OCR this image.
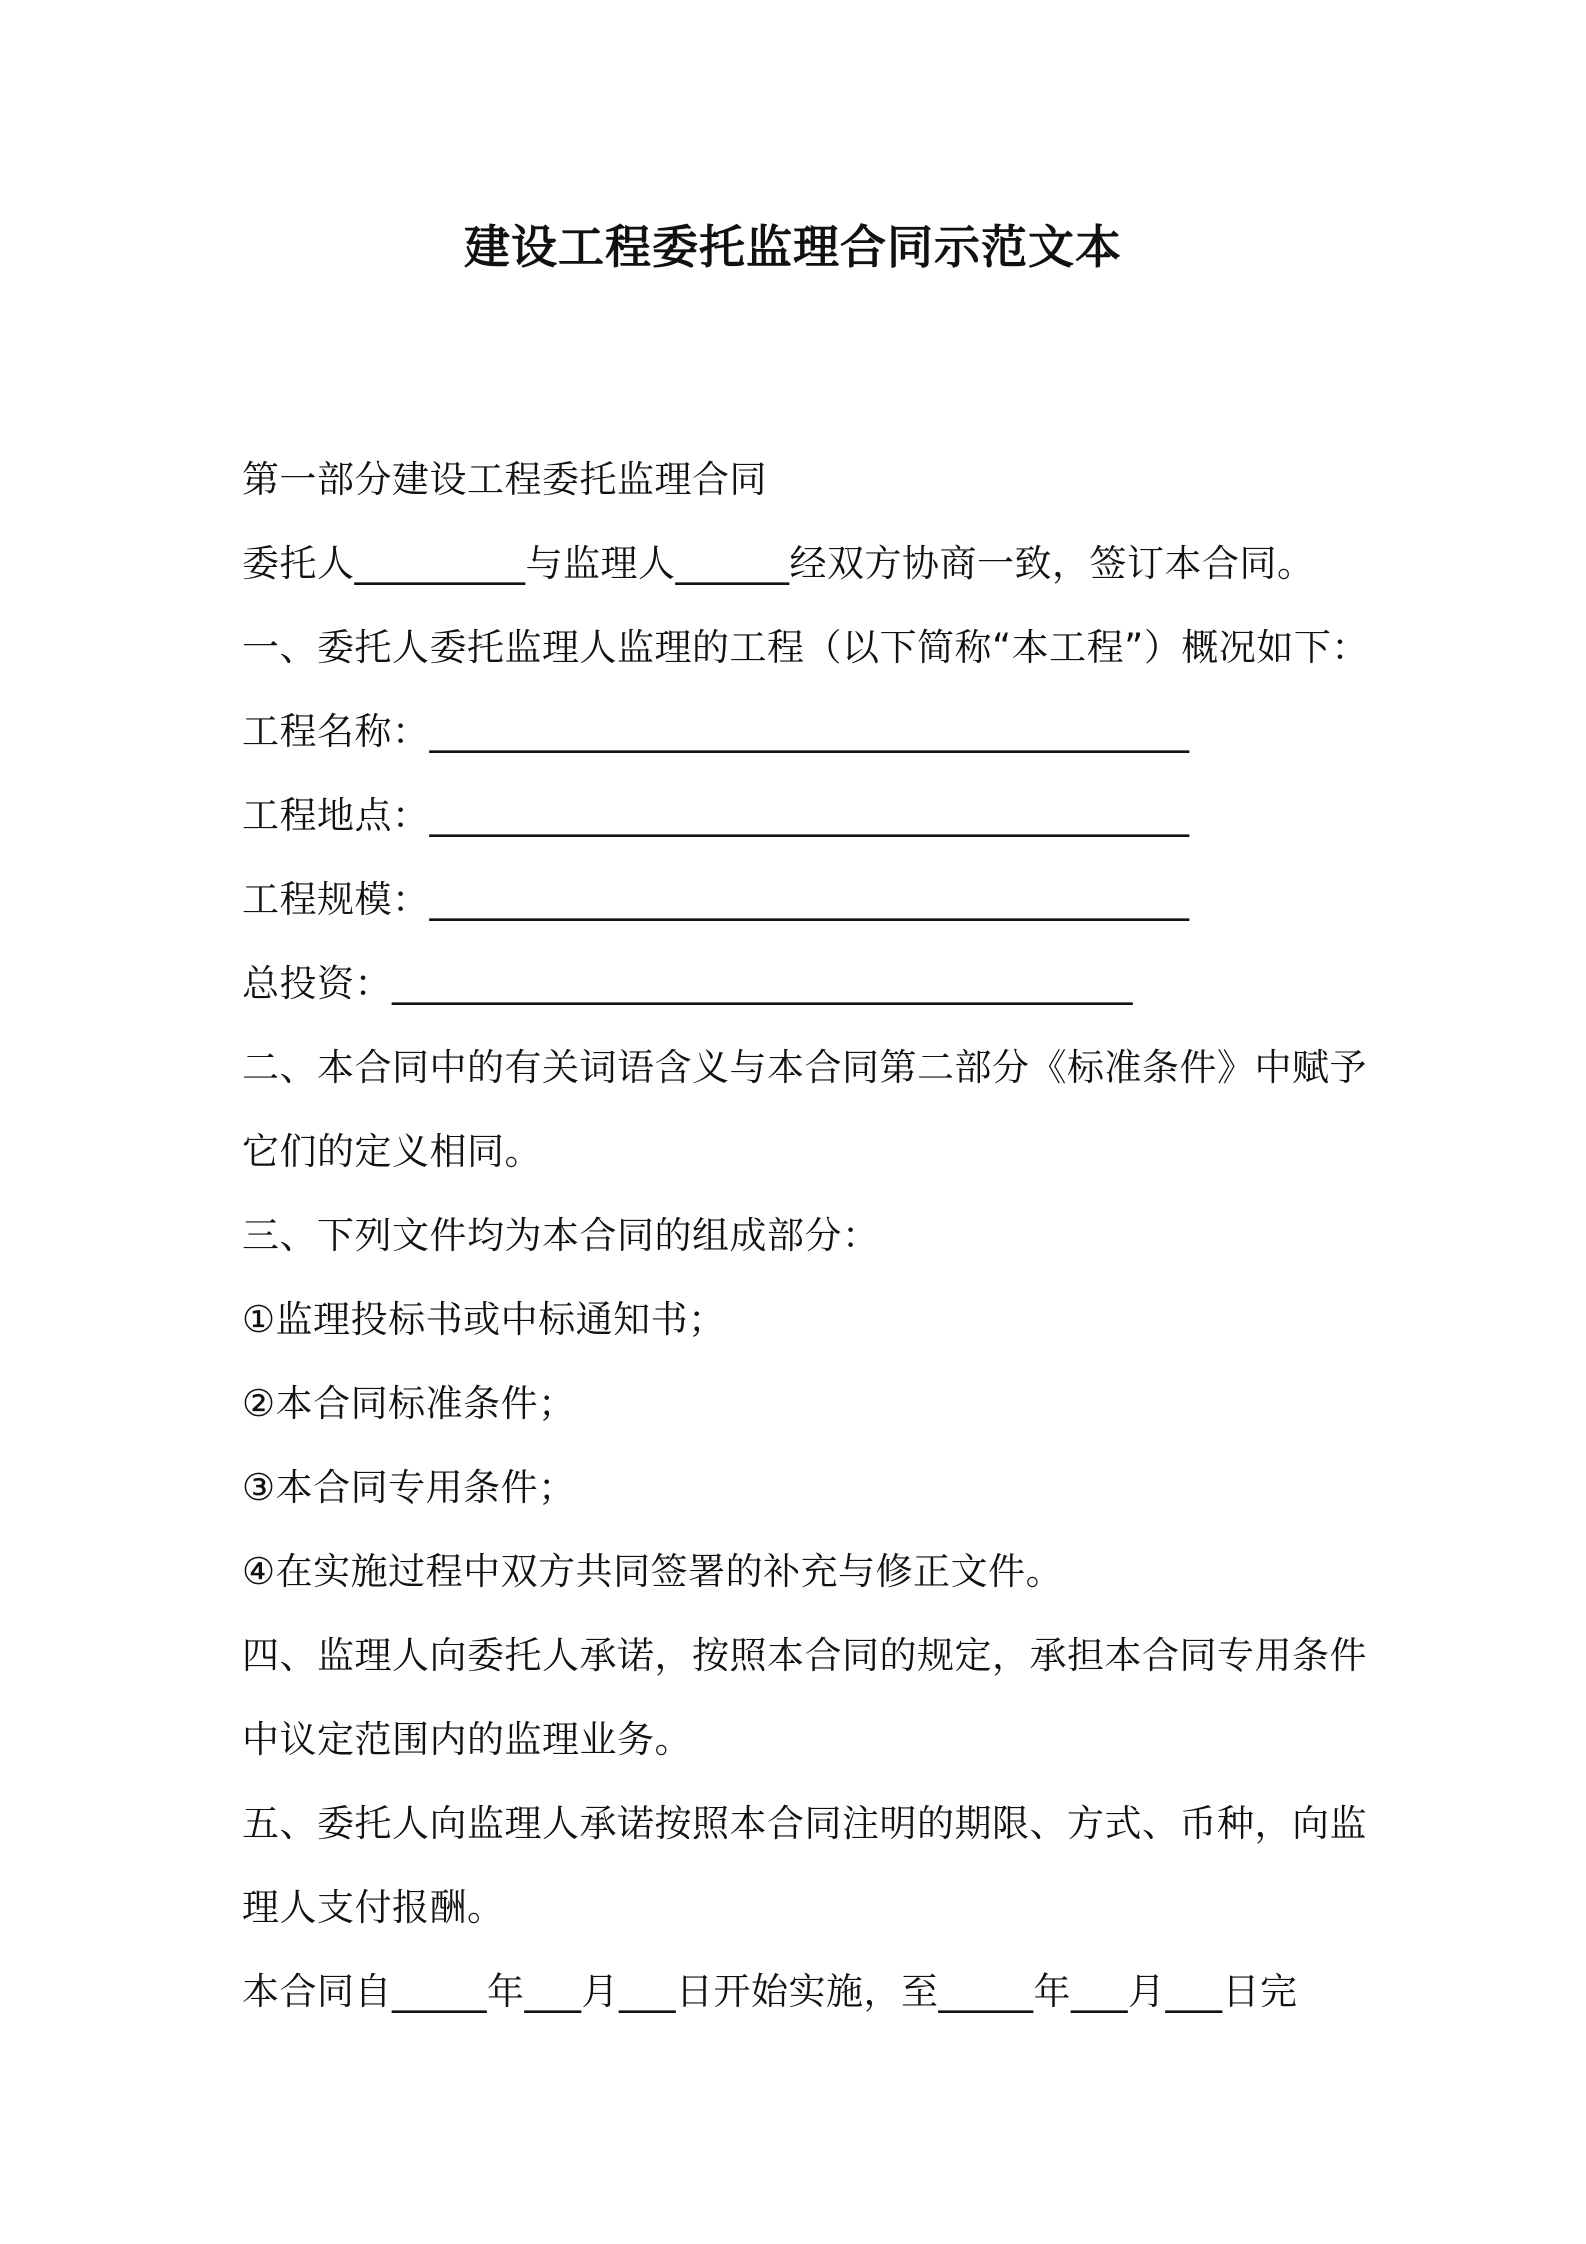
建设工程委托监理合同示范文本
第一部分建设工程委托监理合同
委托人_________与监理人______经双方协商一致，签订本合同。
一、委托人委托监理人监理的工程（以下简称“本工程”）概况如下：
工程名称：________________________________________
工程地点：________________________________________
工程规模：________________________________________
总投资：_______________________________________
二、本合同中的有关词语含义与本合同第二部分《标准条件》中赋予
它们的定义相同。
三、下列文件均为本合同的组成部分：
①监理投标书或中标通知书；
②本合同标准条件；
③本合同专用条件；
④在实施过程中双方共同签署的补充与修正文件。
四、监理人向委托人承诺，按照本合同的规定，承担本合同专用条件
中议定范围内的监理业务。
五、委托人向监理人承诺按照本合同注明的期限、方式、币种，向监
理人支付报酬。
本合同自_____年___月___日开始实施，至_____年___月___日完
